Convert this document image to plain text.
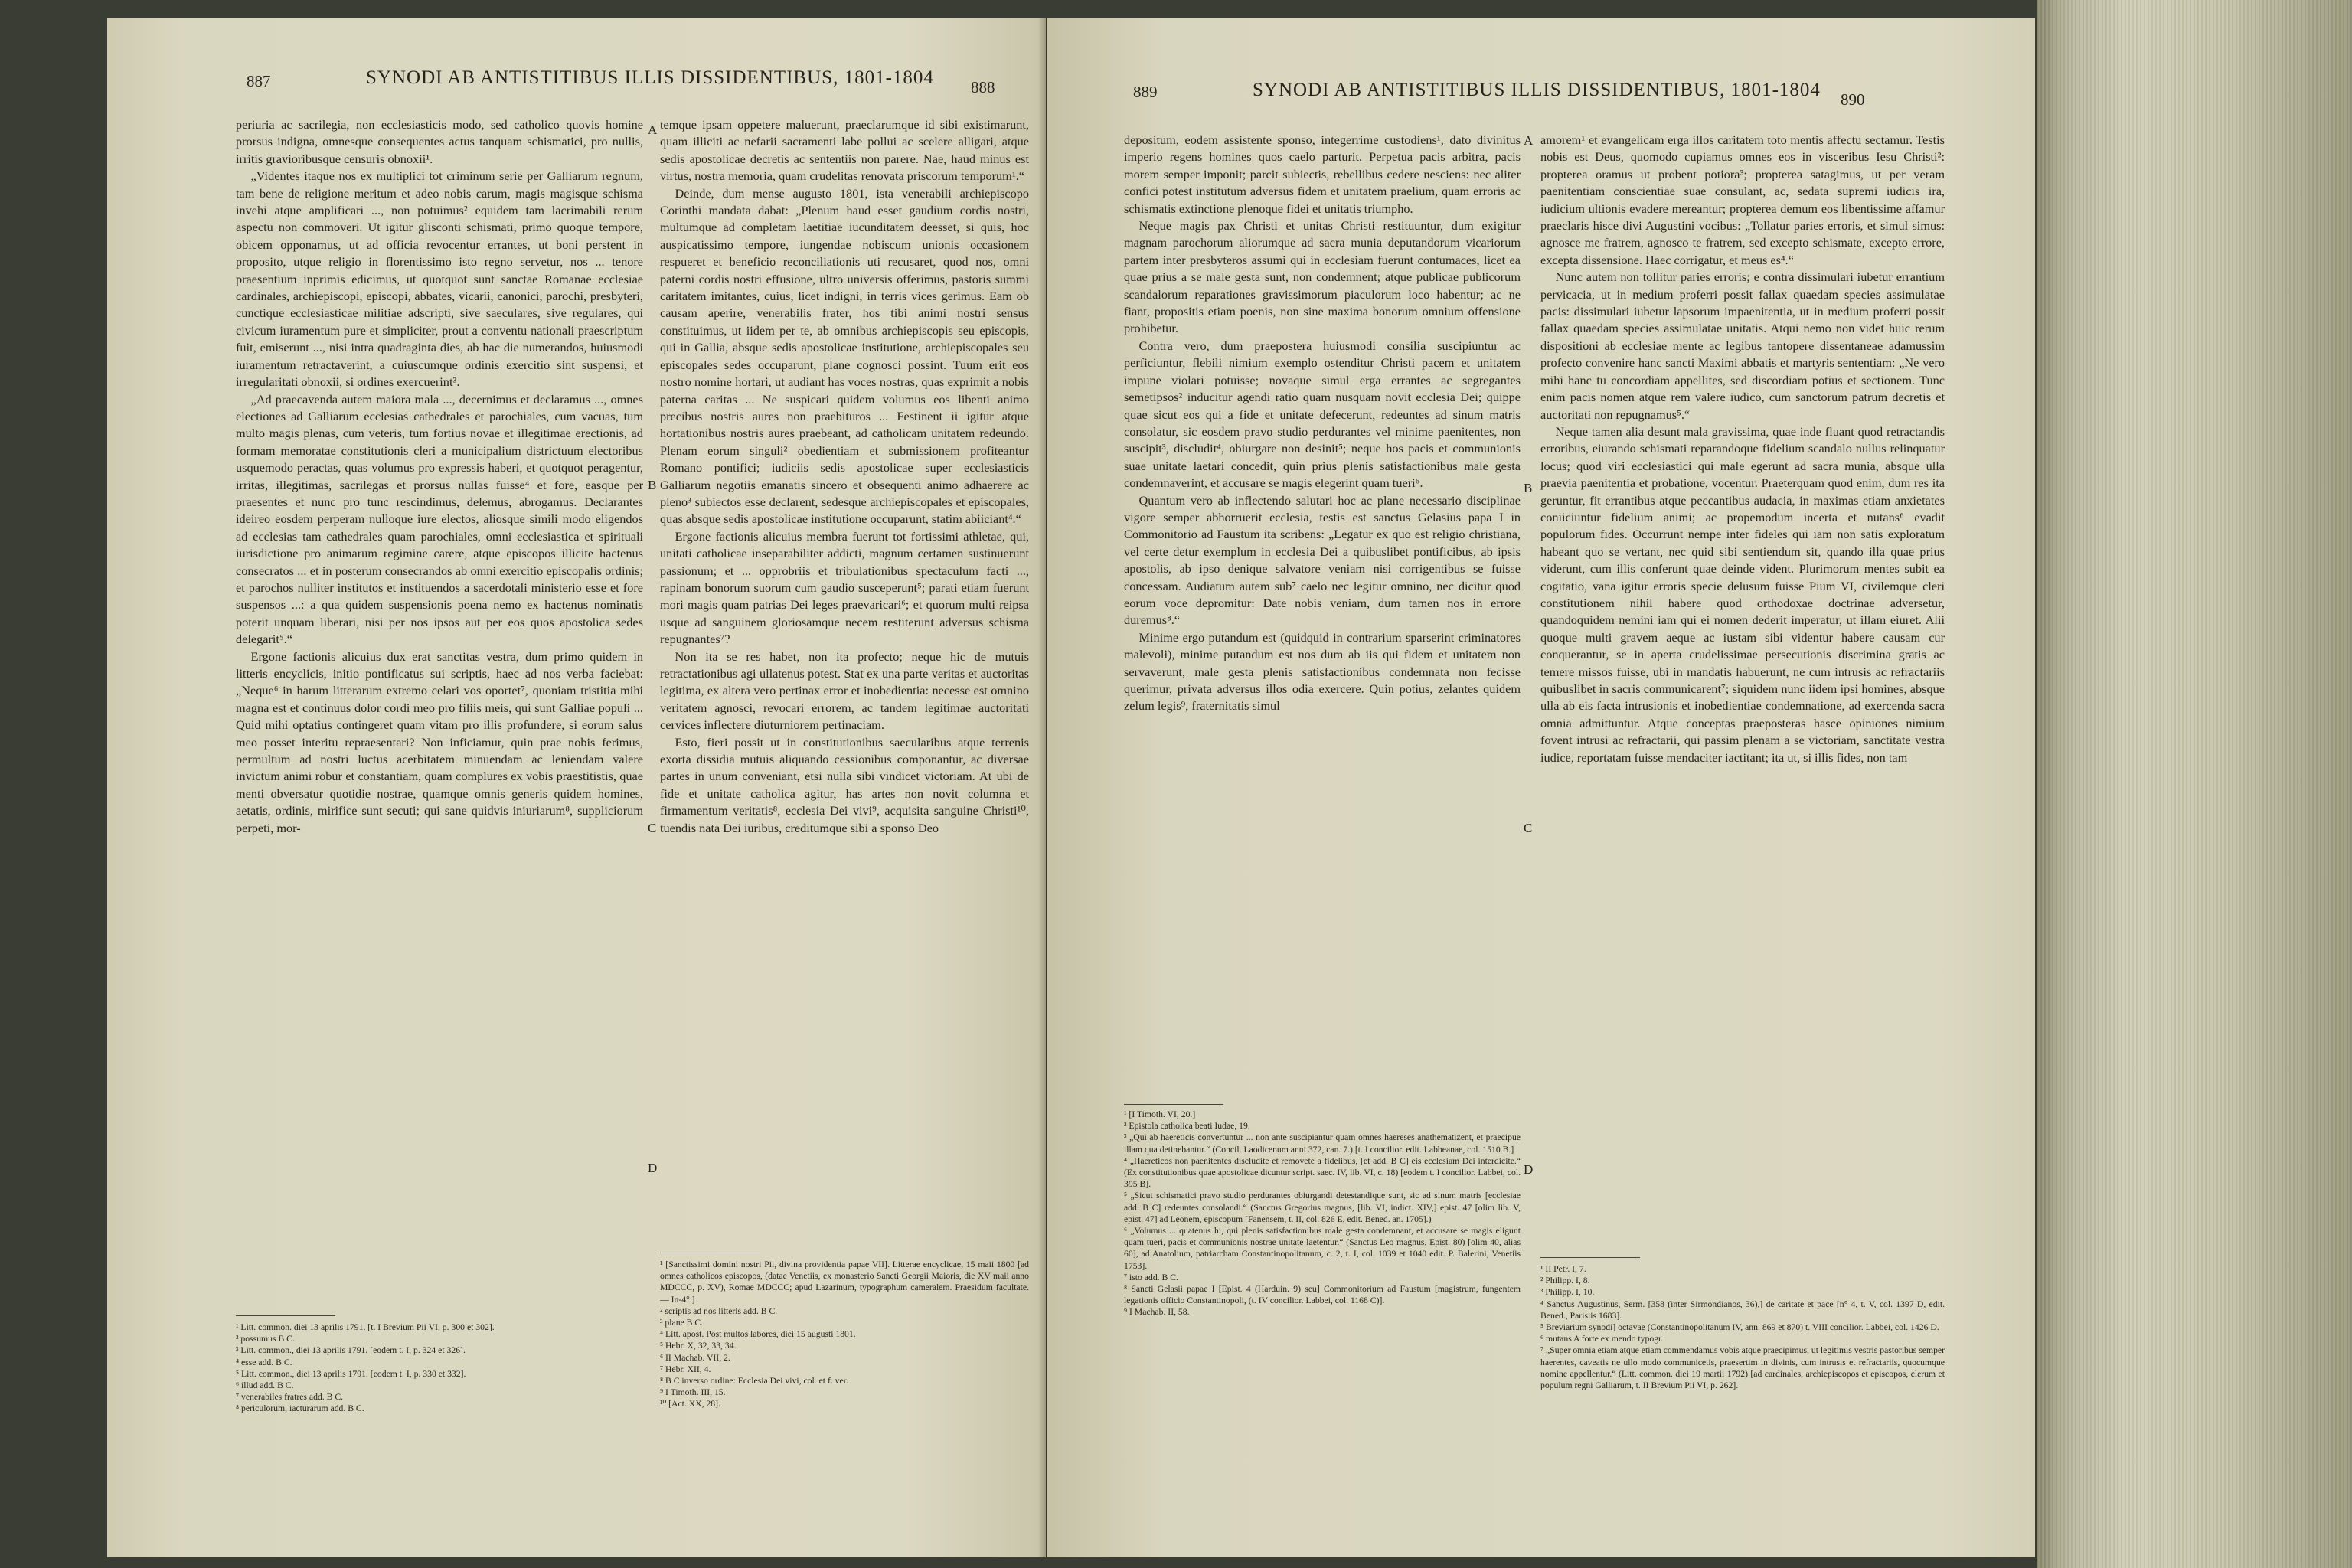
887	SYNODI AB ANTISTITIBUS ILLIS DISSIDENTIBUS, 1801-1804 888

periuria ac sacrilegia, non ecclesiasticis modo, sed catholico quovis homine prorsus indigna, omnesque consequentes actus tanquam schismatici, pro nullis, irritis gravioribusque censuris obnoxii¹.

„Videntes itaque nos ex multiplici tot criminum serie per Galliarum regnum, tam bene de religione meritum et adeo nobis carum, magis magisque schisma invehi atque amplificari ..., non potuimus² equidem tam lacrimabili rerum aspectu non commoveri. Ut igitur glisconti schismati, primo quoque tempore, obicem opponamus, ut ad officia revocentur errantes, ut boni perstent in proposito, utque religio in florentissimo isto regno servetur, nos ... tenore praesentium inprimis edicimus, ut quotquot sunt sanctae Romanae ecclesiae cardinales, archiepiscopi, episcopi, abbates, vicarii, canonici, parochi, presbyteri, cunctique ecclesiasticae militiae adscripti, sive saeculares, sive regulares, qui civicum iuramentum pure et simpliciter, prout a conventu nationali praescriptum fuit, emiserunt ..., nisi intra quadraginta dies, ab hac die numerandos, huiusmodi iuramentum retractaverint, a cuiuscumque ordinis exercitio sint suspensi, et irregularitati obnoxii, si ordines exercuerint³.

„Ad praecavenda autem maiora mala ..., decernimus et declaramus ..., omnes electiones ad Galliarum ecclesias cathedrales et parochiales, cum vacuas, tum multo magis plenas, cum veteris, tum fortius novae et illegitimae erectionis, ad formam memoratae constitutionis cleri a municipalium districtuum electoribus usquemodo peractas, quas volumus pro expressis haberi, et quotquot peragentur, irritas, illegitimas, sacrilegas et prorsus nullas fuisse⁴ et fore, easque per praesentes et nunc pro tunc rescindimus, delemus, abrogamus. Declarantes ideireo eosdem perperam nulloque iure electos, aliosque simili modo eligendos ad ecclesias tam cathedrales quam parochiales, omni ecclesiastica et spirituali iurisdictione pro animarum regimine carere, atque episcopos illicite hactenus consecratos ... et in posterum consecrandos ab omni exercitio episcopalis ordinis; et parochos nulliter institutos et instituendos a sacerdotali ministerio esse et fore suspensos ...: a qua quidem suspensionis poena nemo ex hactenus nominatis poterit unquam liberari, nisi per nos ipsos aut per eos quos apostolica sedes delegarit⁵.“

Ergone factionis alicuius dux erat sanctitas vestra, dum primo quidem in litteris encyclicis, initio pontificatus sui scriptis, haec ad nos verba faciebat: „Neque⁶ in harum litterarum extremo celari vos oportet⁷, quoniam tristitia mihi magna est et continuus dolor cordi meo pro filiis meis, qui sunt Galliae populi ... Quid mihi optatius contingeret quam vitam pro illis profundere, si eorum salus meo posset interitu repraesentari? Non inficiamur, quin prae nobis ferimus, permultum ad nostri luctus acerbitatem minuendam ac leniendam valere invictum animi robur et constantiam, quam complures ex vobis praestitistis, quae menti obversatur quotidie nostrae, quamque omnis generis quidem homines, aetatis, ordinis, mirifice sunt secuti; qui sane quidvis iniuriarum⁸, suppliciorum perpeti, mor-

¹ Litt. common. diei 13 aprilis 1791. [t. I Brevium Pii VI, p. 300 et 302].
² possumus B C.
³ Litt. common., diei 13 aprilis 1791. [eodem t. I, p. 324 et 326].
⁴ esse add. B C.
⁵ Litt. common., diei 13 aprilis 1791. [eodem t. I, p. 330 et 332].
⁶ illud add. B C.
⁷ venerabiles fratres add. B C.
⁸ periculorum, iacturarum add. B C.
A
B
C
D

temque ipsam oppetere maluerunt, praeclarumque id sibi existimarunt, quam illiciti ac nefarii sacramenti labe pollui ac scelere alligari, atque sedis apostolicae decretis ac sententiis non parere. Nae, haud minus est virtus, nostra memoria, quam crudelitas renovata priscorum temporum¹.“

Deinde, dum mense augusto 1801, ista venerabili archiepiscopo Corinthi mandata dabat: „Plenum haud esset gaudium cordis nostri, multumque ad completam laetitiae iucunditatem deesset, si quis, hoc auspicatissimo tempore, iungendae nobiscum unionis occasionem respueret et beneficio reconciliationis uti recusaret, quod nos, omni paterni cordis nostri effusione, ultro universis offerimus, pastoris summi caritatem imitantes, cuius, licet indigni, in terris vices gerimus. Eam ob causam aperire, venerabilis frater, hos tibi animi nostri sensus constituimus, ut iidem per te, ab omnibus archiepiscopis seu episcopis, qui in Gallia, absque sedis apostolicae institutione, archiepiscopales seu episcopales sedes occuparunt, plane cognosci possint. Tuum erit eos nostro nomine hortari, ut audiant has voces nostras, quas exprimit a nobis paterna caritas ... Ne suspicari quidem volumus eos libenti animo precibus nostris aures non praebituros ... Festinent ii igitur atque hortationibus nostris aures praebeant, ad catholicam unitatem redeundo. Plenam eorum singuli² obedientiam et submissionem profiteantur Romano pontifici; iudiciis sedis apostolicae super ecclesiasticis Galliarum negotiis emanatis sincero et obsequenti animo adhaerere ac pleno³ subiectos esse declarent, sedesque archiepiscopales et episcopales, quas absque sedis apostolicae institutione occuparunt, statim abiiciant⁴.“

Ergone factionis alicuius membra fuerunt tot fortissimi athletae, qui, unitati catholicae inseparabiliter addicti, magnum certamen sustinuerunt passionum; et ... opprobriis et tribulationibus spectaculum facti ..., rapinam bonorum suorum cum gaudio susceperunt⁵; parati etiam fuerunt mori magis quam patrias Dei leges praevaricari⁶; et quorum multi reipsa usque ad sanguinem gloriosamque necem restiterunt adversus schisma repugnantes⁷?

Non ita se res habet, non ita profecto; neque hic de mutuis retractationibus agi ullatenus potest. Stat ex una parte veritas et auctoritas legitima, ex altera vero pertinax error et inobedientia: necesse est omnino veritatem agnosci, revocari errorem, ac tandem legitimae auctoritati cervices inflectere diuturniorem pertinaciam.

Esto, fieri possit ut in constitutionibus saecularibus atque terrenis exorta dissidia mutuis aliquando cessionibus componantur, ac diversae partes in unum conveniant, etsi nulla sibi vindicet victoriam. At ubi de fide et unitate catholica agitur, has artes non novit columna et firmamentum veritatis⁸, ecclesia Dei vivi⁹, acquisita sanguine Christi¹⁰, tuendis nata Dei iuribus, creditumque sibi a sponso Deo

¹ [Sanctissimi domini nostri Pii, divina providentia papae VII]. Litterae encyclicae, 15 maii 1800 [ad omnes catholicos episcopos, (datae Venetiis, ex monasterio Sancti Georgii Maioris, die XV maii anno MDCCC, p. XV), Romae MDCCC; apud Lazarinum, typographum cameralem. Praesidum facultate. — In-4°.]
² scriptis ad nos litteris add. B C.
³ plane B C.
⁴ Litt. apost. Post multos labores, diei 15 augusti 1801.
⁵ Hebr. X, 32, 33, 34.
⁶ II Machab. VII, 2.
⁷ Hebr. XII, 4.
⁸ B C inverso ordine: Ecclesia Dei vivi, col. et f. ver.
⁹ I Timoth. III, 15.
¹⁰ [Act. XX, 28].
889	SYNODI AB ANTISTITIBUS ILLIS DISSIDENTIBUS, 1801-1804 890

depositum, eodem assistente sponso, integerrime custodiens¹, dato divinitus imperio regens homines quos caelo parturit. Perpetua pacis arbitra, pacis morem semper imponit; parcit subiectis, rebellibus cedere nesciens: nec aliter confici potest institutum adversus fidem et unitatem praelium, quam erroris ac schismatis extinctione plenoque fidei et unitatis triumpho.

Neque magis pax Christi et unitas Christi restituuntur, dum exigitur magnam parochorum aliorumque ad sacra munia deputandorum vicariorum partem inter presbyteros assumi qui in ecclesiam fuerunt contumaces, licet ea quae prius a se male gesta sunt, non condemnent; atque publicae publicorum scandalorum reparationes gravissimorum piaculorum loco habentur; ac ne fiant, propositis etiam poenis, non sine maxima bonorum omnium offensione prohibetur.

Contra vero, dum praepostera huiusmodi consilia suscipiuntur ac perficiuntur, flebili nimium exemplo ostenditur Christi pacem et unitatem impune violari potuisse; novaque simul erga errantes ac segregantes semetipsos² inducitur agendi ratio quam nusquam novit ecclesia Dei; quippe quae sicut eos qui a fide et unitate defecerunt, redeuntes ad sinum matris consolatur, sic eosdem pravo studio perdurantes vel minime paenitentes, non suscipit³, discludit⁴, obiurgare non desinit⁵; neque hos pacis et communionis suae unitate laetari concedit, quin prius plenis satisfactionibus male gesta condemnaverint, et accusare se magis elegerint quam tueri⁶.

Quantum vero ab inflectendo salutari hoc ac plane necessario disciplinae vigore semper abhorruerit ecclesia, testis est sanctus Gelasius papa I in Commonitorio ad Faustum ita scribens: „Legatur ex quo est religio christiana, vel certe detur exemplum in ecclesia Dei a quibuslibet pontificibus, ab ipsis apostolis, ab ipso denique salvatore veniam nisi corrigentibus se fuisse concessam. Audiatum autem sub⁷ caelo nec legitur omnino, nec dicitur quod eorum voce depromitur: Date nobis veniam, dum tamen nos in errore duremus⁸.“

Minime ergo putandum est (quidquid in contrarium sparserint criminatores malevoli), minime putandum est nos dum ab iis qui fidem et unitatem non servaverunt, male gesta plenis satisfactionibus condemnata non fecisse querimur, privata adversus illos odia exercere. Quin potius, zelantes quidem zelum legis⁹, fraternitatis simul

¹ [I Timoth. VI, 20.]
² Epistola catholica beati Iudae, 19.
³ „Qui ab haereticis convertuntur ... non ante suscipiantur quam omnes haereses anathematizent, et praecipue illam qua detinebantur.“ (Concil. Laodicenum anni 372, can. 7.) [t. I concilior. edit. Labbeanae, col. 1510 B.]
⁴ „Haereticos non paenitentes discludite et removete a fidelibus, [et add. B C] eis ecclesiam Dei interdicite.“ (Ex constitutionibus quae apostolicae dicuntur script. saec. IV, lib. VI, c. 18) [eodem t. I concilior. Labbei, col. 395 B].
⁵ „Sicut schismatici pravo studio perdurantes obiurgandi detestandique sunt, sic ad sinum matris [ecclesiae add. B C] redeuntes consolandi.“ (Sanctus Gregorius magnus, [lib. VI, indict. XIV,] epist. 47 [olim lib. V, epist. 47] ad Leonem, episcopum [Fanensem, t. II, col. 826 E, edit. Bened. an. 1705].)
⁶ „Volumus ... quatenus hi, qui plenis satisfactionibus male gesta condemnant, et accusare se magis eligunt quam tueri, pacis et communionis nostrae unitate laetentur.“ (Sanctus Leo magnus, Epist. 80) [olim 40, alias 60], ad Anatolium, patriarcham Constantinopolitanum, c. 2, t. I, col. 1039 et 1040 edit. P. Balerini, Venetiis 1753].
⁷ isto add. B C.
⁸ Sancti Gelasii papae I [Epist. 4 (Harduin. 9) seu] Commonitorium ad Faustum [magistrum, fungentem legationis officio Constantinopoli, (t. IV concilior. Labbei, col. 1168 C)].
⁹ I Machab. II, 58.
A
B
C
D

amorem¹ et evangelicam erga illos caritatem toto mentis affectu sectamur. Testis nobis est Deus, quomodo cupiamus omnes eos in visceribus Iesu Christi²: propterea oramus ut probent potiora³; propterea satagimus, ut per veram paenitentiam conscientiae suae consulant, ac, sedata supremi iudicis ira, iudicium ultionis evadere mereantur; propterea demum eos libentissime affamur praeclaris hisce divi Augustini vocibus: „Tollatur paries erroris, et simul simus: agnosce me fratrem, agnosco te fratrem, sed excepto schismate, excepto errore, excepta dissensione. Haec corrigatur, et meus es⁴.“

Nunc autem non tollitur paries erroris; e contra dissimulari iubetur errantium pervicacia, ut in medium proferri possit fallax quaedam species assimulatae pacis: dissimulari iubetur lapsorum impaenitentia, ut in medium proferri possit fallax quaedam species assimulatae unitatis. Atqui nemo non videt huic rerum dispositioni ab ecclesiae mente ac legibus tantopere dissentaneae adamussim profecto convenire hanc sancti Maximi abbatis et martyris sententiam: „Ne vero mihi hanc tu concordiam appellites, sed discordiam potius et sectionem. Tunc enim pacis nomen atque rem valere iudico, cum sanctorum patrum decretis et auctoritati non repugnamus⁵.“

Neque tamen alia desunt mala gravissima, quae inde fluant quod retractandis erroribus, eiurando schismati reparandoque fidelium scandalo nullus relinquatur locus; quod viri ecclesiastici qui male egerunt ad sacra munia, absque ulla praevia paenitentia et probatione, vocentur. Praeterquam quod enim, dum res ita geruntur, fit errantibus atque peccantibus audacia, in maximas etiam anxietates coniiciuntur fidelium animi; ac propemodum incerta et nutans⁶ evadit populorum fides. Occurrunt nempe inter fideles qui iam non satis exploratum habeant quo se vertant, nec quid sibi sentiendum sit, quando illa quae prius viderunt, cum illis conferunt quae deinde vident. Plurimorum mentes subit ea cogitatio, vana igitur erroris specie delusum fuisse Pium VI, civilemque cleri constitutionem nihil habere quod orthodoxae doctrinae adversetur, quandoquidem nemini iam qui ei nomen dederit imperatur, ut illam eiuret. Alii quoque multi gravem aeque ac iustam sibi videntur habere causam cur conquerantur, se in aperta crudelissimae persecutionis discrimina gratis ac temere missos fuisse, ubi in mandatis habuerunt, ne cum intrusis ac refractariis quibuslibet in sacris communicarent⁷; siquidem nunc iidem ipsi homines, absque ulla ab eis facta intrusionis et inobedientiae condemnatione, ad exercenda sacra omnia admittuntur. Atque conceptas praeposteras hasce opiniones nimium fovent intrusi ac refractarii, qui passim plenam a se victoriam, sanctitate vestra iudice, reportatam fuisse mendaciter iactitant; ita ut, si illis fides, non tam

¹ II Petr. I, 7.
² Philipp. I, 8.
³ Philipp. I, 10.
⁴ Sanctus Augustinus, Serm. [358 (inter Sirmondianos, 36),] de caritate et pace [n° 4, t. V, col. 1397 D, edit. Bened., Parisiis 1683].
⁵ Breviarium synodi] octavae (Constantinopolitanum IV, ann. 869 et 870) t. VIII concilior. Labbei, col. 1426 D.
⁶ mutans A forte ex mendo typogr.
⁷ „Super omnia etiam atque etiam commendamus vobis atque praecipimus, ut legitimis vestris pastoribus semper haerentes, caveatis ne ullo modo communicetis, praesertim in divinis, cum intrusis et refractariis, quocumque nomine appellentur.“ (Litt. common. diei 19 martii 1792) [ad cardinales, archiepiscopos et episcopos, clerum et populum regni Galliarum, t. II Brevium Pii VI, p. 262].
